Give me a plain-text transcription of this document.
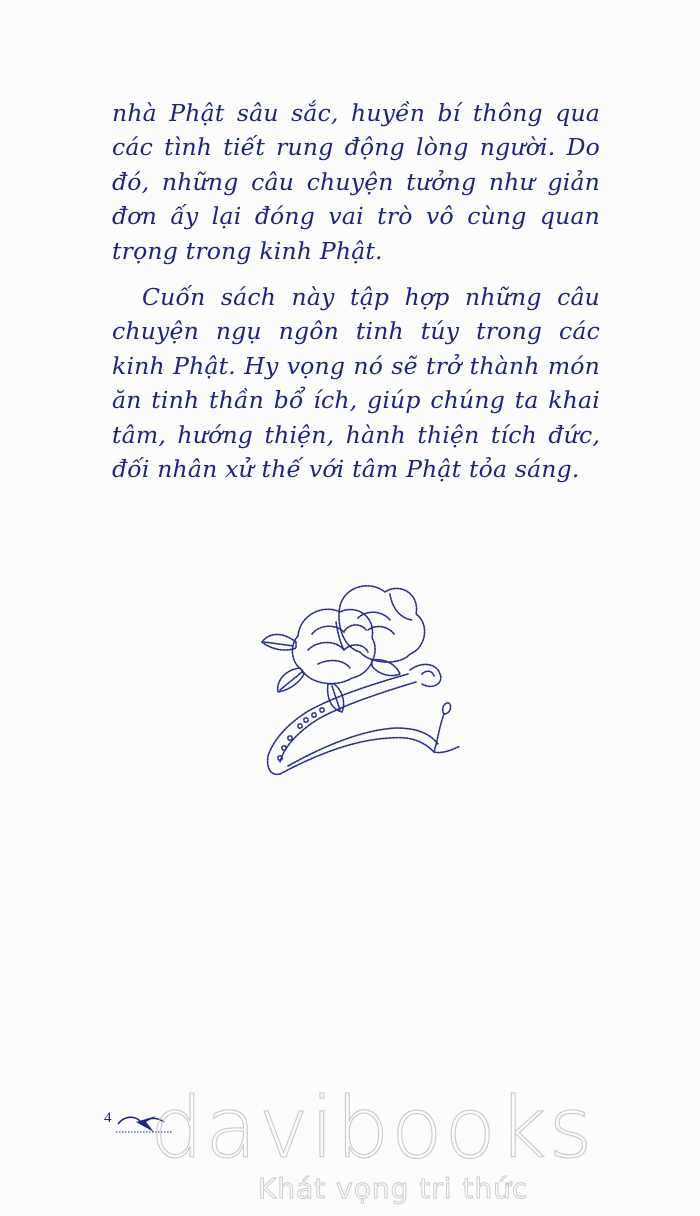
nhà Phật sâu sắc, huyền bí thông qua các tình tiết rung động lòng người. Do đó, những câu chuyện tưởng như giản đơn ấy lại đóng vai trò vô cùng quan trọng trong kinh Phật.

Cuốn sách này tập hợp những câu chuyện ngụ ngôn tinh túy trong các kinh Phật. Hy vọng nó sẽ trở thành món ăn tinh thần bổ ích, giúp chúng ta khai tâm, hướng thiện, hành thiện tích đức, đối nhân xử thế với tâm Phật tỏa sáng.

4 davibooks
Khát vọng tri thức
